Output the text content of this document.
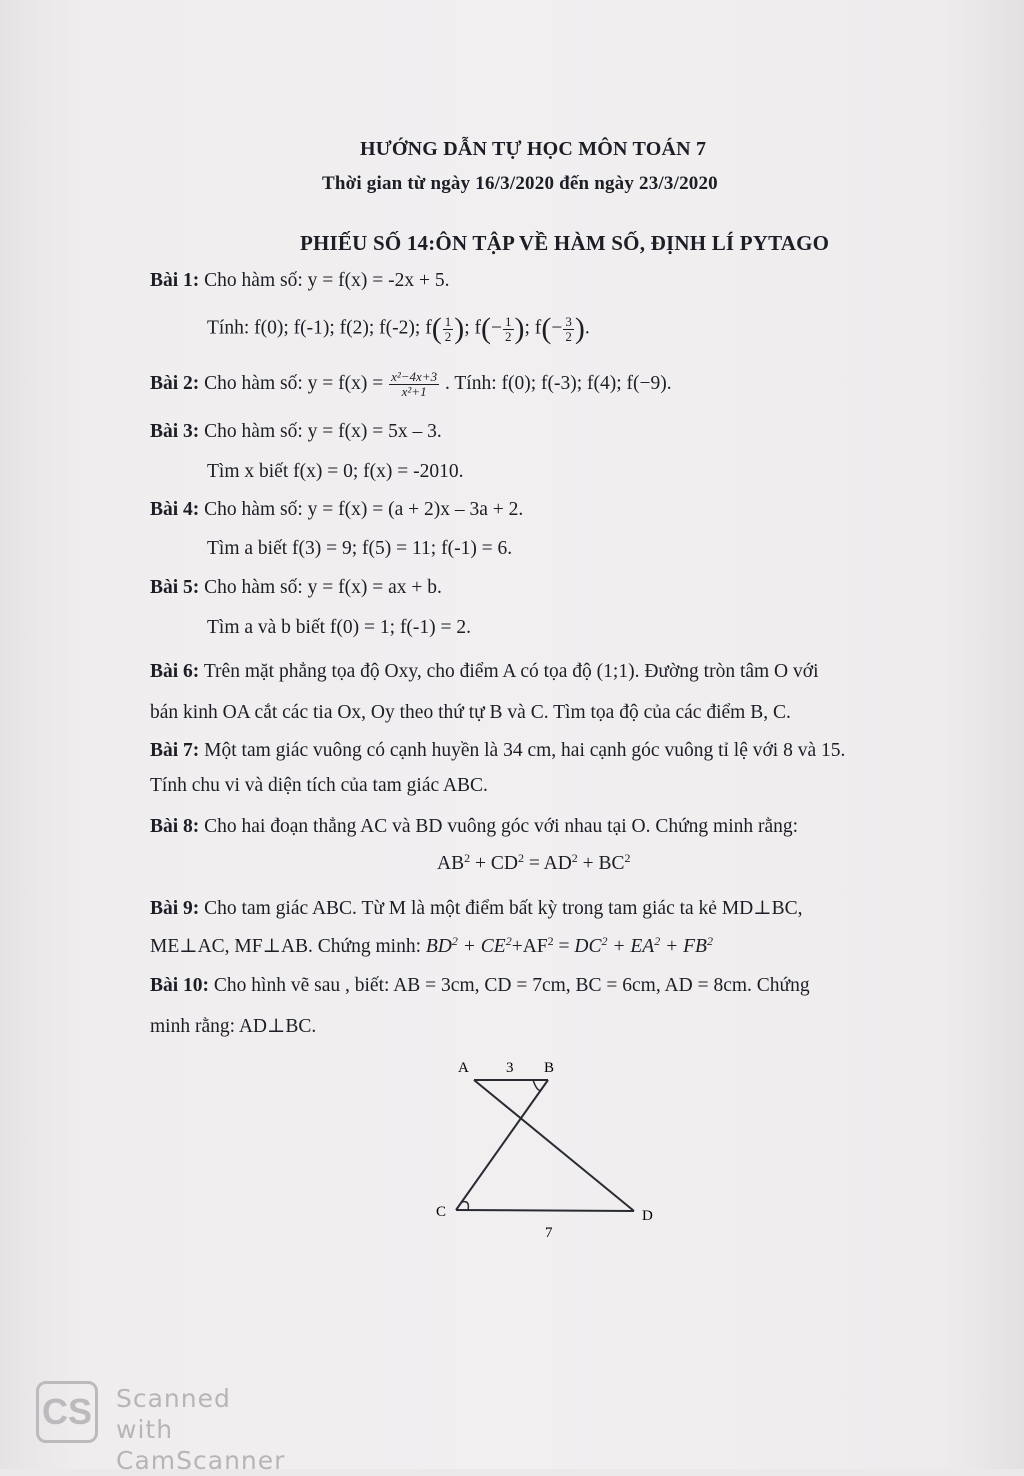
HƯỚNG DẪN TỰ HỌC MÔN TOÁN 7
Thời gian từ ngày 16/3/2020 đến ngày 23/3/2020
PHIẾU SỐ 14:ÔN TẬP VỀ HÀM SỐ, ĐỊNH LÍ PYTAGO
Bài 1: Cho hàm số: y = f(x) = -2x + 5.
Tính: f(0); f(-1); f(2); f(-2); $f( \frac{1}{2}$ ); $f(- \frac{1}{2}$ ); $f(- \frac{3}{2}$ ).
Bài 2: Cho hàm số: $y = f(x) = \frac{\text{x²−4x+3}}{\text{x²+1}}$ . Tính: f(0); f(-3); f(4); f(−9).
Bài 3: Cho hàm số: y = f(x) = 5x – 3.
Tìm x biết f(x) = 0; f(x) = -2010.
Bài 4: Cho hàm số: y = f(x) = (a + 2)x – 3a + 2.
Tìm a biết f(3) = 9; f(5) = 11; f(-1) = 6.
Bài 5: Cho hàm số: y = f(x) = ax + b.
Tìm a và b biết f(0) = 1; f(-1) = 2.
Bài 6: Trên mặt phẳng tọa độ Oxy, cho điểm A có tọa độ (1;1). Đường tròn tâm O với
bán kinh OA cắt các tia Ox, Oy theo thứ tự B và C. Tìm tọa độ của các điểm B, C.
Bài 7: Một tam giác vuông có cạnh huyền là 34 cm, hai cạnh góc vuông tỉ lệ với 8 và 15.
Tính chu vi và diện tích của tam giác ABC.
Bài 8: Cho hai đoạn thẳng AC và BD vuông góc với nhau tại O. Chứng minh rằng:
$AB^2 + CD^2 = AD^2 + BC^2$
Bài 9: Cho tam giác ABC. Từ M là một điểm bất kỳ trong tam giác ta kẻ MD⊥BC,
ME⊥AC, MF⊥AB. Chứng minh: $BD^2 + CE^2+AF^2 = DC^2 + EA^2 + FB^2$
Bài 10: Cho hình vẽ sau , biết: AB = 3cm, CD = 7cm, BC = 6cm, AD = 8cm. Chứng
minh rằng: AD⊥BC.
A 3 B
C	D
7
CS Scanned with
CamScanner
